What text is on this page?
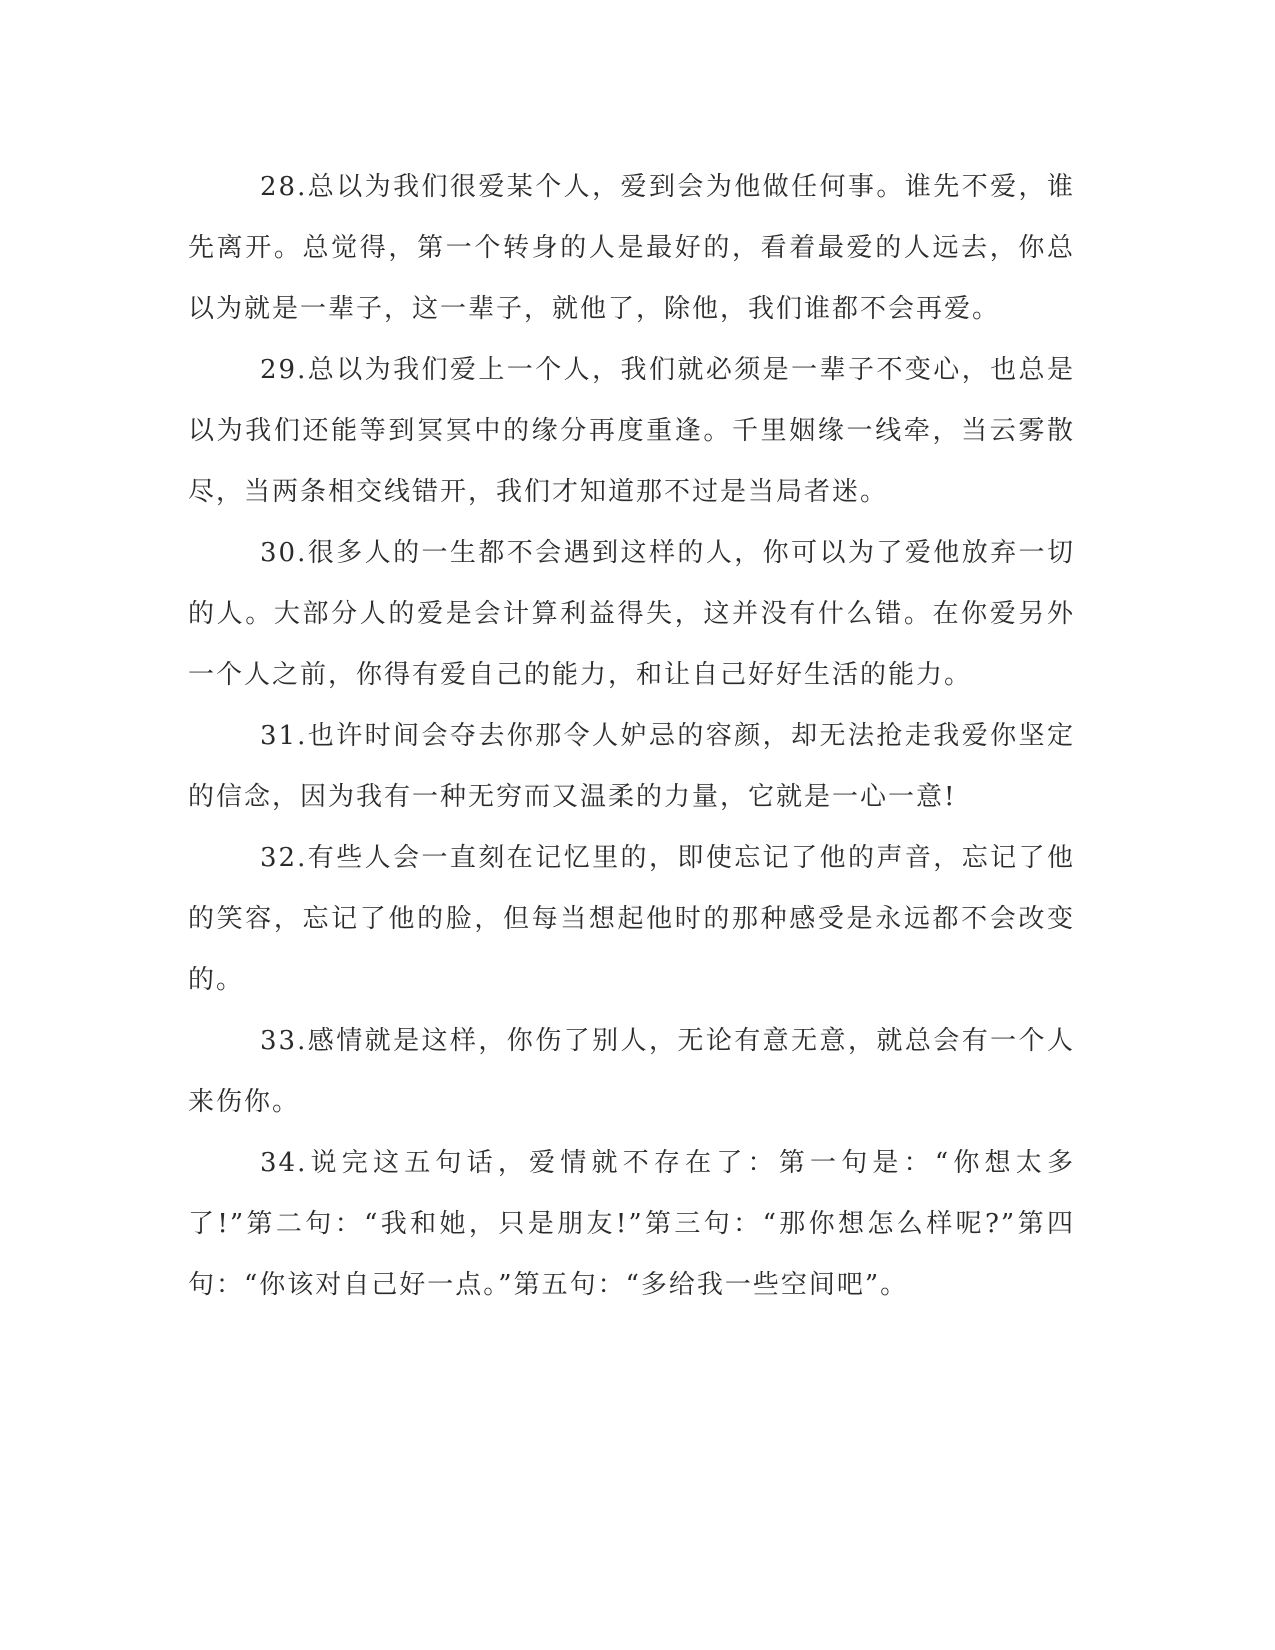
28.总以为我们很爱某个人，爱到会为他做任何事。谁先不爱，谁先离开。总觉得，第一个转身的人是最好的，看着最爱的人远去，你总以为就是一辈子，这一辈子，就他了，除他，我们谁都不会再爱。

29.总以为我们爱上一个人，我们就必须是一辈子不变心，也总是以为我们还能等到冥冥中的缘分再度重逢。千里姻缘一线牵，当云雾散尽，当两条相交线错开，我们才知道那不过是当局者迷。

30.很多人的一生都不会遇到这样的人，你可以为了爱他放弃一切的人。大部分人的爱是会计算利益得失，这并没有什么错。在你爱另外一个人之前，你得有爱自己的能力，和让自己好好生活的能力。

31.也许时间会夺去你那令人妒忌的容颜，却无法抢走我爱你坚定的信念，因为我有一种无穷而又温柔的力量，它就是一心一意!

32.有些人会一直刻在记忆里的，即使忘记了他的声音，忘记了他的笑容，忘记了他的脸，但每当想起他时的那种感受是永远都不会改变的。

33.感情就是这样，你伤了别人，无论有意无意，就总会有一个人来伤你。

34.说完这五句话，爱情就不存在了：第一句是：“你想太多了!”第二句：“我和她，只是朋友!”第三句：“那你想怎么样呢?”第四句：“你该对自己好一点。”第五句：“多给我一些空间吧”。
